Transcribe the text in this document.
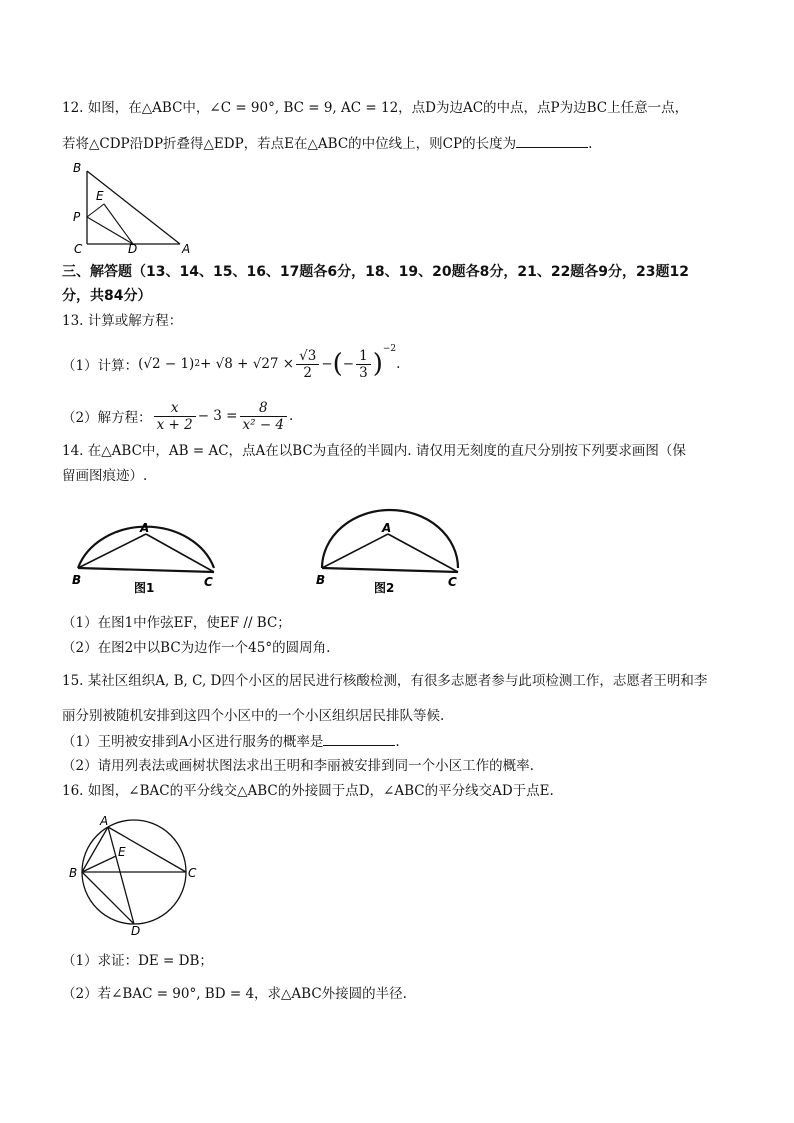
12. 如图，在△ABC中，∠C = 90°, BC = 9, AC = 12，点D为边AC的中点，点P为边BC上任意一点，
若将△CDP沿DP折叠得△EDP，若点E在△ABC的中位线上，则CP的长度为	.
B
E
P
C	D	A
三、解答题（13、14、15、16、17题各6分，18、19、20题各8分，21、22题各9分，23题12
分，共84分）
13. 计算或解方程：
（1）计算： (√2 − 1) $2 + √8 + √27 \times \frac{√3}{2}$ − ( − $\frac{1}{3}$ ) −2
.
（2）解方程： $\frac{x}{x + 2} - 3 = \frac{8}{\text{x² − 4}}$ .
14. 在△ABC中，AB = AC，点A在以BC为直径的半圆内. 请仅用无刻度的直尺分别按下列要求画图（保
留画图痕迹）.
A
B	C
图1
A
B	C
图2
（1）在图1中作弦EF，使EF // BC；
（2）在图2中以BC为边作一个45°的圆周角.
15. 某社区组织A, B, C, D四个小区的居民进行核酸检测，有很多志愿者参与此项检测工作，志愿者王明和李
丽分别被随机安排到这四个小区中的一个小区组织居民排队等候.
（1）王明被安排到A小区进行服务的概率是	.
（2）请用列表法或画树状图法求出王明和李丽被安排到同一个小区工作的概率.
16. 如图，∠BAC的平分线交△ABC的外接圆于点D，∠ABC的平分线交AD于点E.
A
E
B	C
D
（1）求证：DE = DB；
（2）若∠BAC = 90°, BD = 4，求△ABC外接圆的半径.
